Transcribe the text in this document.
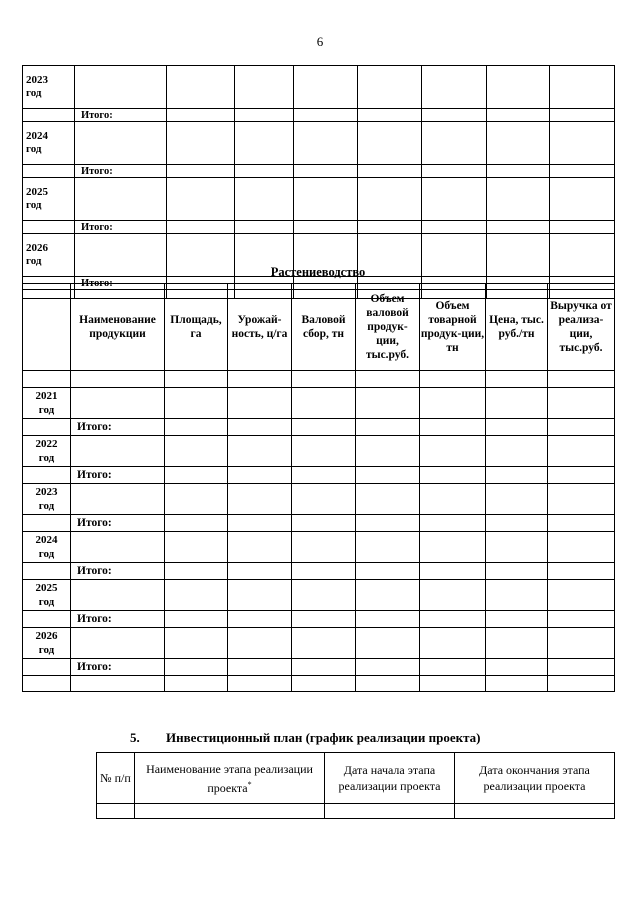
6
2023
год								
	Итого:							
2024
год								
	Итого:							
2025
год								
	Итого:							
2026
год								
	Итого:							

Растениеводство
	Наименование продукции	Площадь, га	Урожай-ность, ц/га	Валовой сбор, тн	Объем валовой продук-ции, тыс.руб.	Объем товарной продук-ции, тн	Цена, тыс. руб./тн	Выручка от реализа-ции, тыс.руб.

2021
год								
	Итого:							
2022
год								
	Итого:							
2023
год								
	Итого:							
2024
год								
	Итого:							
2025
год								
	Итого:							
2026
год								
	Итого:							

5. Инвестиционный план (график реализации проекта)
№ п/п	Наименование этапа реализации проекта*	Дата начала этапа реализации проекта	Дата окончания этапа реализации проекта
